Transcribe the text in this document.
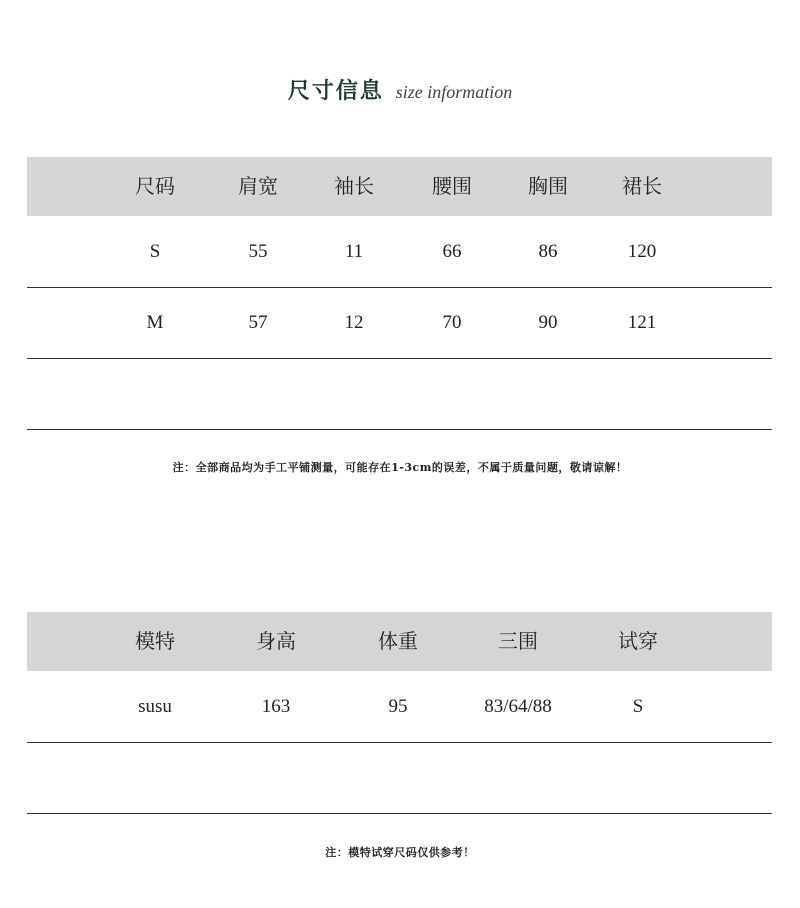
尺寸信息 size information
尺码	肩宽	袖长	腰围	胸围	裙长
S	55	11	66	86	120
M	57	12	70	90	121
注：全部商品均为手工平铺测量，可能存在1-3cm的误差，不属于质量问题，敬请谅解！
模特	身高	体重	三围	试穿
susu	163	95	83/64/88	S
注：模特试穿尺码仅供参考！
